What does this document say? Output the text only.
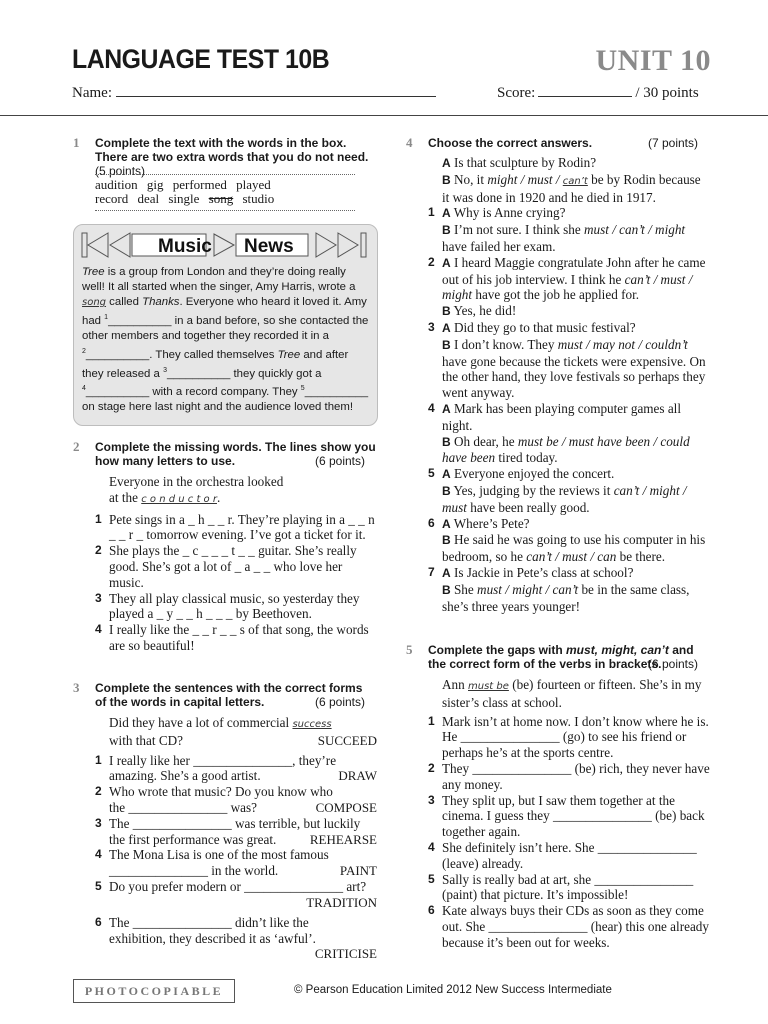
LANGUAGE TEST 10B	UNIT 10
Name:	Score:	/ 30 points
1 Complete the text with the words in the box. There are two extra words that you do not need. (5 points)
audition gig performed played
record deal single song studio
Music News
Tree is a group from London and they’re doing really well! It all started when the singer, Amy Harris, wrote a song called Thanks. Everyone who heard it loved it. Amy had $^1$__________ in a band before, so she contacted the other members and together they recorded it in a $^2$__________. They called themselves Tree and after they released a $^3$__________ they quickly got a $^4$__________ with a record company. They $^5$__________ on stage here last night and the audience loved them!
2 Complete the missing words. The lines show you how many letters to use.	(6 points)
Everyone in the orchestra looked
at the c o n d u c t o r.
1 Pete sings in a _ h _ _ r. They’re playing in a _ _ n _ _ r _ tomorrow evening. I’ve got a ticket for it.
2 She plays the _ c _ _ _ t _ _ guitar. She’s really good. She’s got a lot of _ a _ _ who love her music.
3 They all play classical music, so yesterday they played a _ y _ _ h _ _ _ by Beethoven.
4 I really like the _ _ r _ _ s of that song, the words are so beautiful!
3 Complete the sentences with the correct forms of the words in capital letters.	(6 points)
Did they have a lot of commercial success
with that CD?	SUCCEED
1 I really like her _______________, they’re
amazing. She’s a good artist.	DRAW
2 Who wrote that music? Do you know who
the _______________ was?	COMPOSE
3 The _______________ was terrible, but luckily
the first performance was great.	REHEARSE
4 The Mona Lisa is one of the most famous
_______________ in the world.	PAINT
5 Do you prefer modern or _______________ art?
TRADITION
6 The _______________ didn’t like the
exhibition, they described it as ‘awful’.
CRITICISE
4 Choose the correct answers.	(7 points)
A Is that sculpture by Rodin?
B No, it might / must / can’t be by Rodin because it was done in 1920 and he died in 1917.
1 A Why is Anne crying?
B I’m not sure. I think she must / can’t / might have failed her exam.
2 A I heard Maggie congratulate John after he came out of his job interview. I think he can’t / must / might have got the job he applied for.
B Yes, he did!
3 A Did they go to that music festival?
B I don’t know. They must / may not / couldn’t have gone because the tickets were expensive. On the other hand, they love festivals so perhaps they went anyway.
4 A Mark has been playing computer games all night.
B Oh dear, he must be / must have been / could have been tired today.
5 A Everyone enjoyed the concert.
B Yes, judging by the reviews it can’t / might / must have been really good.
6 A Where’s Pete?
B He said he was going to use his computer in his bedroom, so he can’t / must / can be there.
7 A Is Jackie in Pete’s class at school?
B She must / might / can’t be in the same class, she’s three years younger!
5 Complete the gaps with must, might, can’t and the correct form of the verbs in brackets.
(6 points)
Ann must be (be) fourteen or fifteen. She’s in my sister’s class at school.
1 Mark isn’t at home now. I don’t know where he is. He _______________ (go) to see his friend or perhaps he’s at the sports centre.
2 They _______________ (be) rich, they never have any money.
3 They split up, but I saw them together at the cinema. I guess they _______________ (be) back together again.
4 She definitely isn’t here. She _______________ (leave) already.
5 Sally is really bad at art, she _______________ (paint) that picture. It’s impossible!
6 Kate always buys their CDs as soon as they come out. She _______________ (hear) this one already because it’s been out for weeks.
PHOTOCOPIABLE	© Pearson Education Limited 2012 New Success Intermediate
